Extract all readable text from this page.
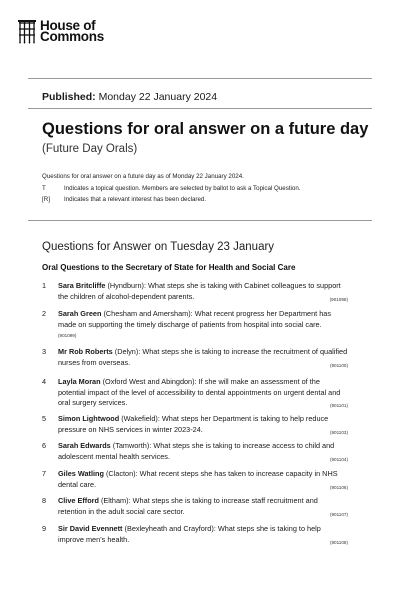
House of
Commons
Published: Monday 22 January 2024
Questions for oral answer on a future day
(Future Day Orals)
Questions for oral answer on a future day as of Monday 22 January 2024.
T	Indicates a topical question. Members are selected by ballot to ask a Topical Question.
[R]	Indicates that a relevant interest has been declared.
Questions for Answer on Tuesday 23 January
Oral Questions to the Secretary of State for Health and Social Care
1	Sara Britcliffe (Hyndburn): What steps she is taking with Cabinet colleagues to support the children of alcohol-dependent parents.	(901098)
2	Sarah Green (Chesham and Amersham): What recent progress her Department has made on supporting the timely discharge of patients from hospital into social care.
(901099)
3	Mr Rob Roberts (Delyn): What steps she is taking to increase the recruitment of qualified nurses from overseas.	(901100)
4	Layla Moran (Oxford West and Abingdon): If she will make an assessment of the potential impact of the level of accessibility to dental appointments on urgent dental and oral surgery services.	(901101)
5	Simon Lightwood (Wakefield): What steps her Department is taking to help reduce pressure on NHS services in winter 2023-24.	(901103)
6	Sarah Edwards (Tamworth): What steps she is taking to increase access to child and adolescent mental health services.	(901104)
7	Giles Watling (Clacton): What recent steps she has taken to increase capacity in NHS dental care.	(901106)
8	Clive Efford (Eltham): What steps she is taking to increase staff recruitment and retention in the adult social care sector.	(901107)
9	Sir David Evennett (Bexleyheath and Crayford): What steps she is taking to help improve men’s health.	(901108)
